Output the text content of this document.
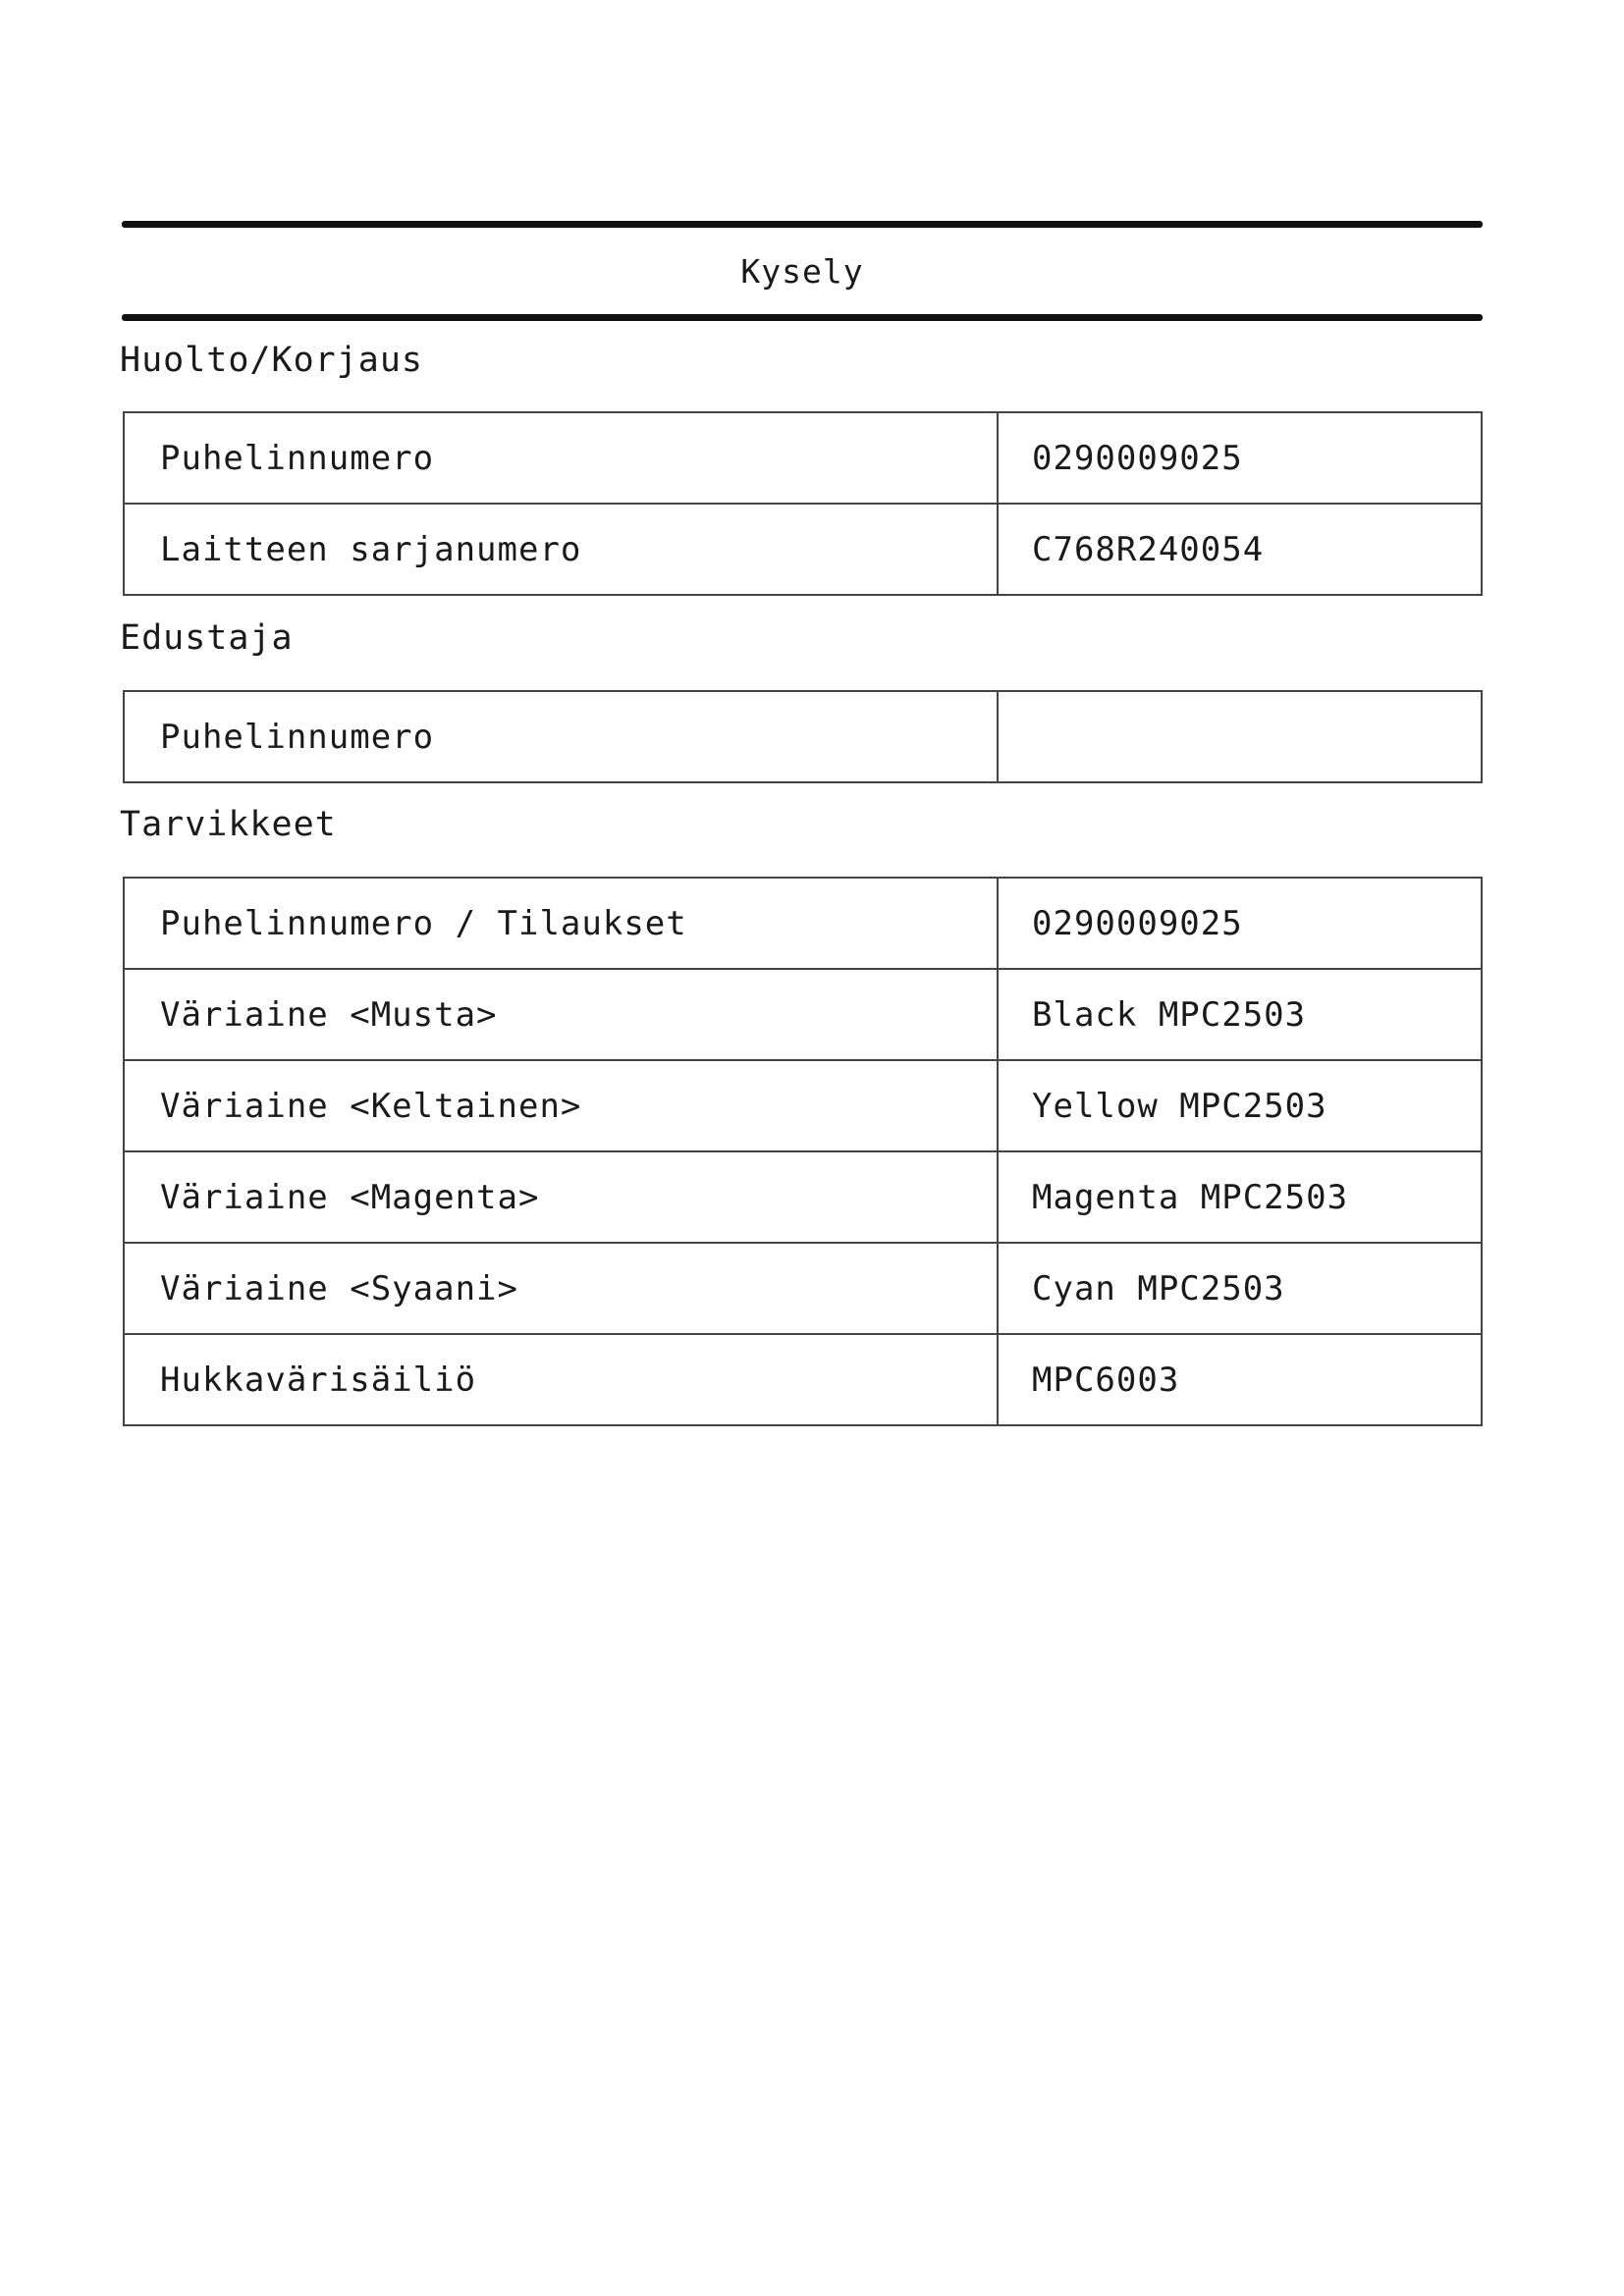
Kysely
Huolto/Korjaus
Puhelinnumero	0290009025
Laitteen sarjanumero	C768R240054
Edustaja
Puhelinnumero	
Tarvikkeet
Puhelinnumero / Tilaukset	0290009025
Väriaine <Musta>	Black MPC2503
Väriaine <Keltainen>	Yellow MPC2503
Väriaine <Magenta>	Magenta MPC2503
Väriaine <Syaani>	Cyan MPC2503
Hukkavärisäiliö	MPC6003
